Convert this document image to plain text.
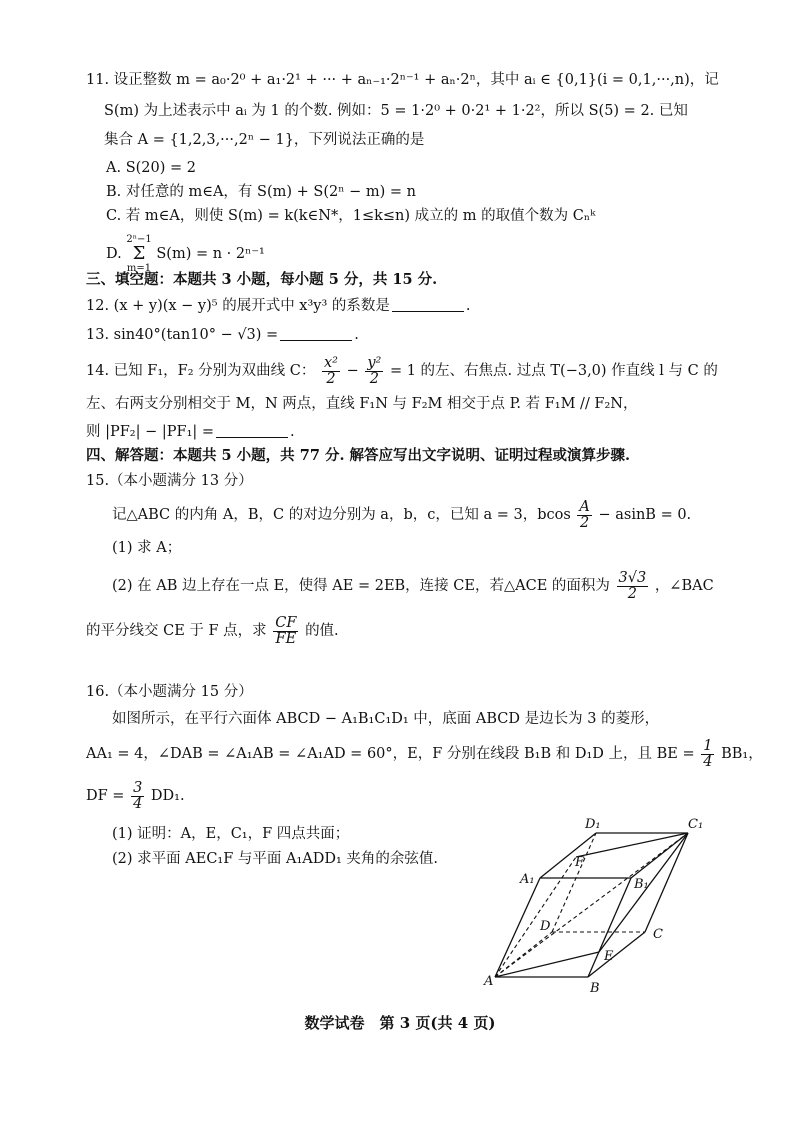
11. 设正整数 m = a₀·2⁰ + a₁·2¹ + ··· + aₙ₋₁·2ⁿ⁻¹ + aₙ·2ⁿ，其中 aᵢ ∈ {0,1}(i = 0,1,···,n)，记
S(m) 为上述表示中 aᵢ 为 1 的个数. 例如：5 = 1·2⁰ + 0·2¹ + 1·2²，所以 S(5) = 2. 已知
集合 A = {1,2,3,···,2ⁿ − 1}，下列说法正确的是
A. S(20) = 2
B. 对任意的 m∈A，有 S(m) + S(2ⁿ − m) = n
C. 若 m∈A，则使 S(m) = k(k∈N*，1≤k≤n) 成立的 m 的取值个数为 Cₙᵏ
D.
2ⁿ−1
Σ
m=1
S(m) = n · 2ⁿ⁻¹
三、填空题：本题共 3 小题，每小题 5 分，共 15 分.
12. (x + y)(x − y)⁵ 的展开式中 x³y³ 的系数是	.
13. sin40°(tan10° − √3) =	.
14. 已知 F₁，F₂ 分别为双曲线 C： $\frac{\text{x²}}{2} - \frac{\text{y²}}{2} = 1$ 的左、右焦点. 过点 T(−3,0) 作直线 l 与 C 的
左、右两支分别相交于 M，N 两点，直线 F₁N 与 F₂M 相交于点 P. 若 F₁M // F₂N，
则 |PF₂| − |PF₁| =	.
四、解答题：本题共 5 小题，共 77 分. 解答应写出文字说明、证明过程或演算步骤.
15.（本小题满分 13 分）
记△ABC 的内角 A，B，C 的对边分别为 a，b，c，已知 a = 3，bcos $\frac{A}{2} - asinB = 0$.
(1) 求 A；
(2) 在 AB 边上存在一点 E，使得 AE = 2EB，连接 CE，若△ACE 的面积为 $\frac{3√3}{2}$ ，∠BAC
的平分线交 CE 于 F 点，求 $\frac{CF}{FE}$ 的值.
16.（本小题满分 15 分）
如图所示，在平行六面体 ABCD − A₁B₁C₁D₁ 中，底面 ABCD 是边长为 3 的菱形，
AA₁ = 4，∠DAB = ∠A₁AB = ∠A₁AD = 60°，E，F 分别在线段 B₁B 和 D₁D 上，且 BE = $\frac{1}{4} BB_1$，
DF = $\frac{3}{4} DD_1$.
(1) 证明：A，E，C₁，F 四点共面；
(2) 求平面 AEC₁F 与平面 A₁ADD₁ 夹角的余弦值.
D₁	C₁
F
A₁	B₁
D
C
E
A	B
数学试卷　第 3 页(共 4 页)
